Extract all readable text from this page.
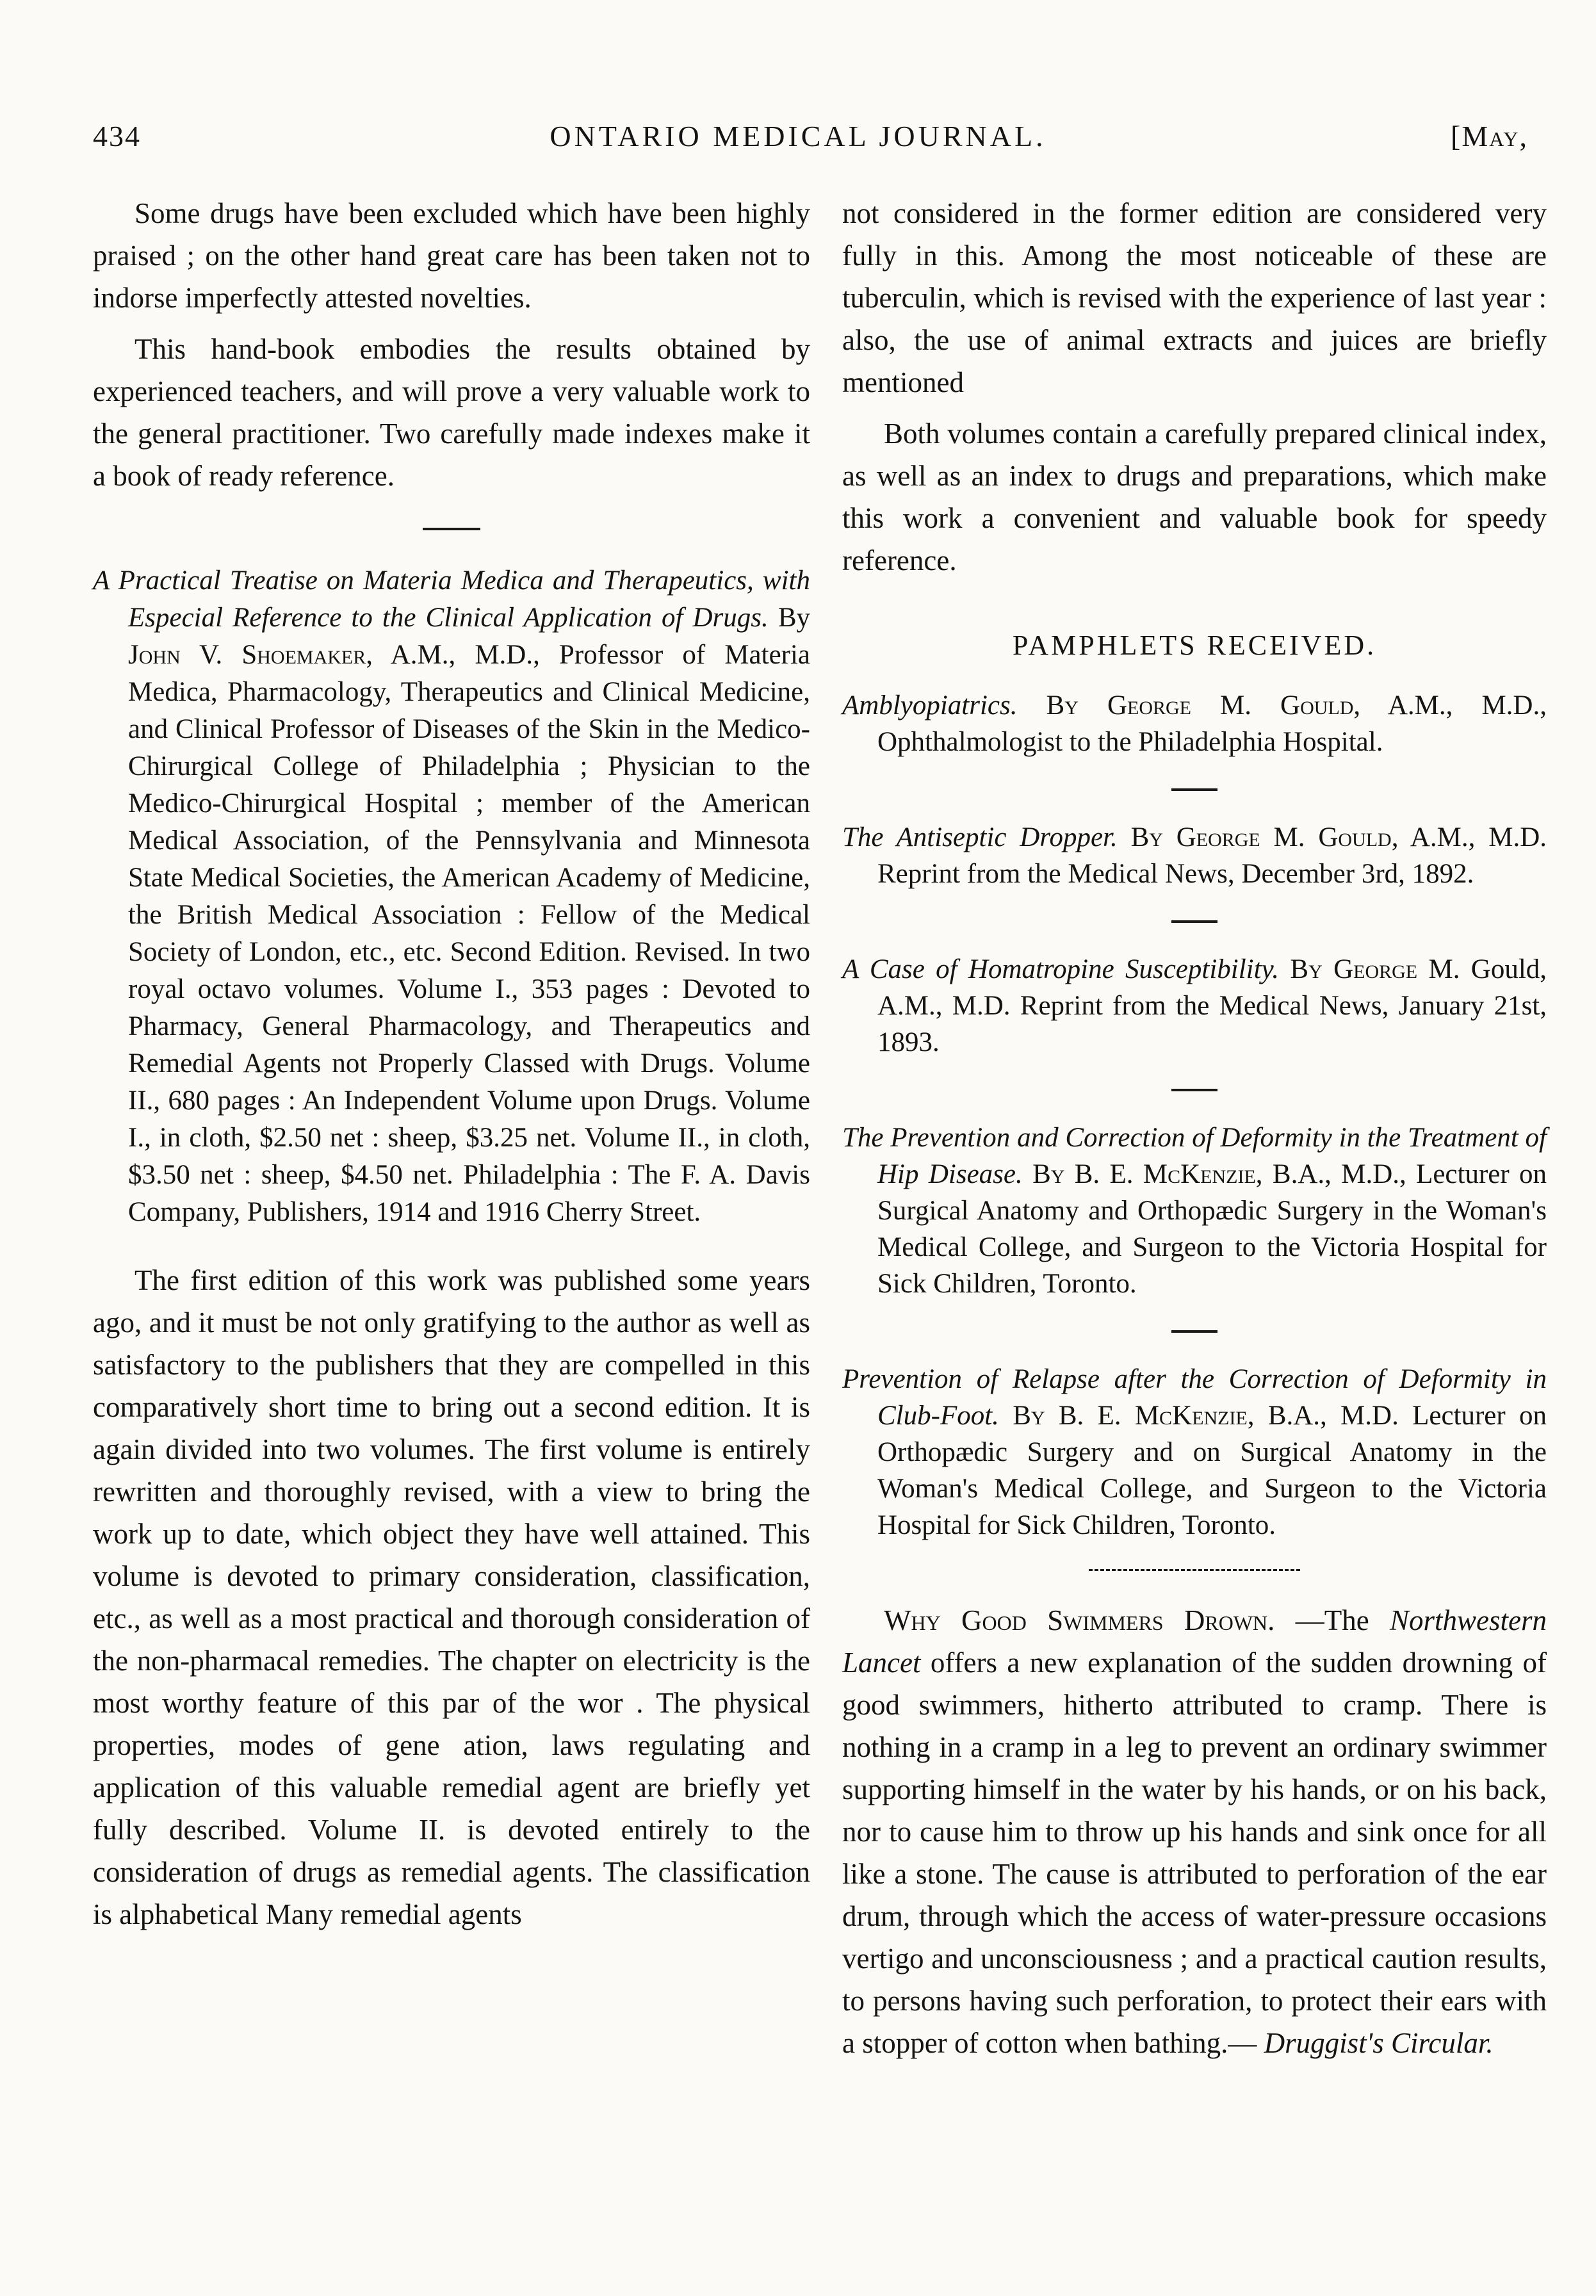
434	ONTARIO MEDICAL JOURNAL.	[May,

Some drugs have been excluded which have been highly praised ; on the other hand great care has been taken not to indorse imperfectly attested novelties.

This hand-book embodies the results obtained by experienced teachers, and will prove a very valuable work to the general practitioner. Two carefully made indexes make it a book of ready reference.

A Practical Treatise on Materia Medica and Therapeutics, with Especial Reference to the Clinical Application of Drugs. By John V. Shoemaker, A.M., M.D., Professor of Materia Medica, Pharmacology, Therapeutics and Clinical Medicine, and Clinical Professor of Diseases of the Skin in the Medico-Chirurgical College of Philadelphia ; Physician to the Medico-Chirurgical Hospital ; member of the American Medical Association, of the Pennsylvania and Minnesota State Medical Societies, the American Academy of Medicine, the British Medical Association : Fellow of the Medical Society of London, etc., etc. Second Edition. Revised. In two royal octavo volumes. Volume I., 353 pages : Devoted to Pharmacy, General Pharmacology, and Therapeutics and Remedial Agents not Properly Classed with Drugs. Volume II., 680 pages : An Independent Volume upon Drugs. Volume I., in cloth, $2.50 net : sheep, $3.25 net. Volume II., in cloth, $3.50 net : sheep, $4.50 net. Philadelphia : The F. A. Davis Company, Publishers, 1914 and 1916 Cherry Street.

The first edition of this work was published some years ago, and it must be not only gratifying to the author as well as satisfactory to the publishers that they are compelled in this comparatively short time to bring out a second edition. It is again divided into two volumes. The first volume is entirely rewritten and thoroughly revised, with a view to bring the work up to date, which object they have well attained. This volume is devoted to primary consideration, classification, etc., as well as a most practical and thorough consideration of the non-pharmacal remedies. The chapter on electricity is the most worthy feature of this par of the wor . The physical properties, modes of gene ation, laws regulating and application of this valuable remedial agent are briefly yet fully described. Volume II. is devoted entirely to the consideration of drugs as remedial agents. The classification is alphabetical Many remedial agents

not considered in the former edition are considered very fully in this. Among the most noticeable of these are tuberculin, which is revised with the experience of last year : also, the use of animal extracts and juices are briefly mentioned

Both volumes contain a carefully prepared clinical index, as well as an index to drugs and preparations, which make this work a convenient and valuable book for speedy reference.

PAMPHLETS RECEIVED.
Amblyopiatrics. By George M. Gould, A.M., M.D., Ophthalmologist to the Philadelphia Hospital.
The Antiseptic Dropper. By George M. Gould, A.M., M.D. Reprint from the Medical News, December 3rd, 1892.
A Case of Homatropine Susceptibility. By George M. Gould, A.M., M.D. Reprint from the Medical News, January 21st, 1893.
The Prevention and Correction of Deformity in the Treatment of Hip Disease. By B. E. McKenzie, B.A., M.D., Lecturer on Surgical Anatomy and Orthopædic Surgery in the Woman's Medical College, and Surgeon to the Victoria Hospital for Sick Children, Toronto.
Prevention of Relapse after the Correction of Deformity in Club-Foot. By B. E. McKenzie, B.A., M.D. Lecturer on Orthopædic Surgery and on Surgical Anatomy in the Woman's Medical College, and Surgeon to the Victoria Hospital for Sick Children, Toronto.

Why Good Swimmers Drown. —The Northwestern Lancet offers a new explanation of the sudden drowning of good swimmers, hitherto attributed to cramp. There is nothing in a cramp in a leg to prevent an ordinary swimmer supporting himself in the water by his hands, or on his back, nor to cause him to throw up his hands and sink once for all like a stone. The cause is attributed to perforation of the ear drum, through which the access of water-pressure occasions vertigo and unconsciousness ; and a practical caution results, to persons having such perforation, to protect their ears with a stopper of cotton when bathing.— Druggist's Circular.
